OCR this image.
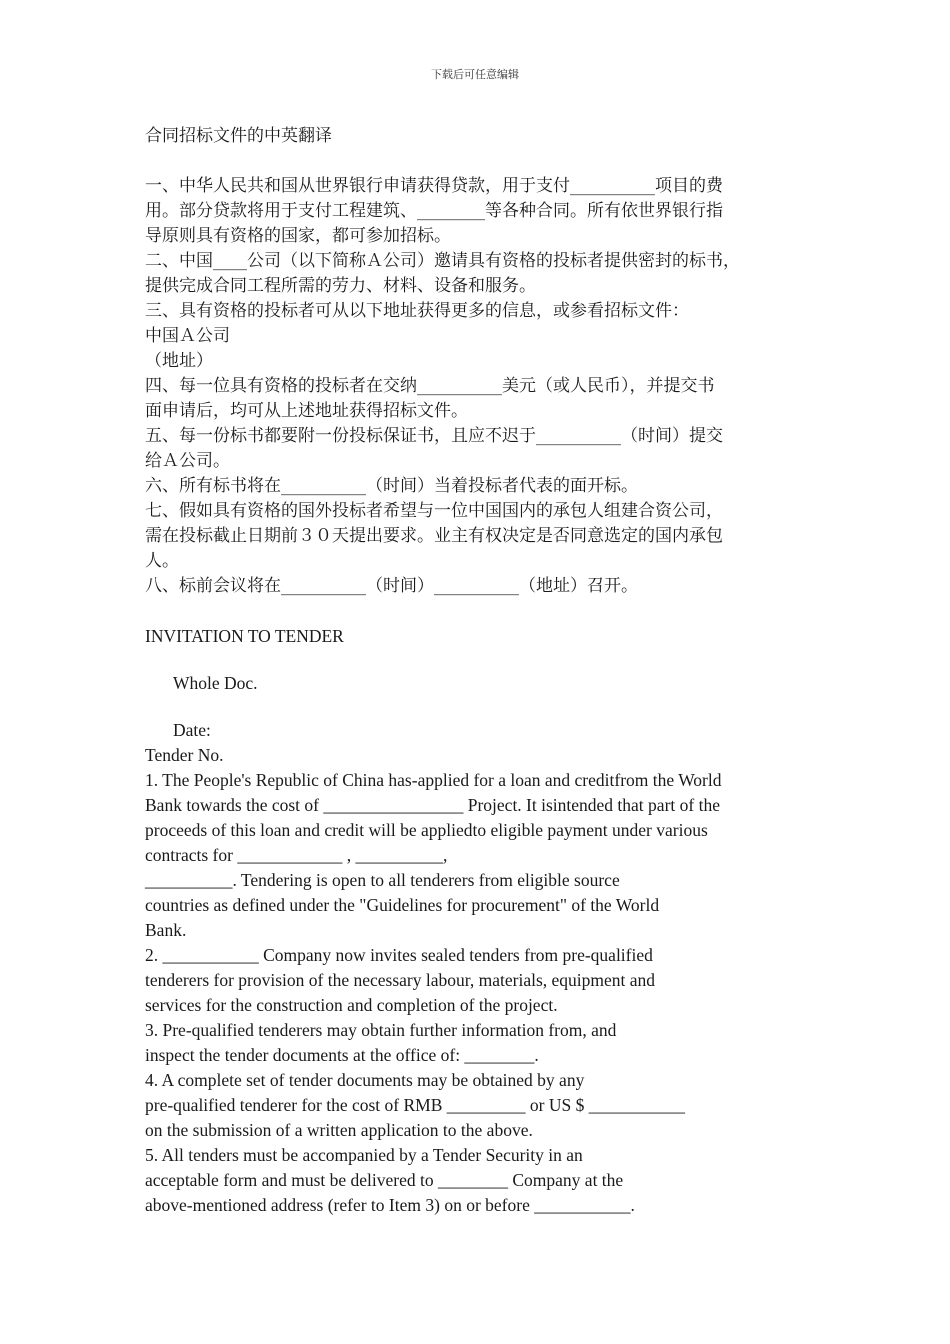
下载后可任意编辑

合同招标文件的中英翻译

一、中华人民共和国从世界银行申请获得贷款，用于支付__________项目的费

用。部分贷款将用于支付工程建筑、________等各种合同。所有依世界银行指

导原则具有资格的国家，都可参加招标。

二、中国____公司（以下简称Ａ公司）邀请具有资格的投标者提供密封的标书，

提供完成合同工程所需的劳力、材料、设备和服务。

三、具有资格的投标者可从以下地址获得更多的信息，或参看招标文件：

中国Ａ公司

（地址）

四、每一位具有资格的投标者在交纳__________美元（或人民币），并提交书

面申请后，均可从上述地址获得招标文件。

五、每一份标书都要附一份投标保证书，且应不迟于__________（时间）提交

给Ａ公司。

六、所有标书将在__________（时间）当着投标者代表的面开标。

七、假如具有资格的国外投标者希望与一位中国国内的承包人组建合资公司，

需在投标截止日期前３０天提出要求。业主有权决定是否同意选定的国内承包

人。

八、标前会议将在__________（时间）__________（地址）召开。

INVITATION TO TENDER

Whole Doc.

Date:

Tender No.

1. The People's Republic of China has-applied for a loan and creditfrom the World

Bank towards the cost of ________________ Project. It isintended that part of the

proceeds of this loan and credit will be appliedto eligible payment under various

contracts for ____________ , __________,

__________. Tendering is open to all tenderers from eligible source

countries as defined under the "Guidelines for procurement" of the World

Bank.

2. ___________ Company now invites sealed tenders from pre-qualified

tenderers for provision of the necessary labour, materials, equipment and

services for the construction and completion of the project.

3. Pre-qualified tenderers may obtain further information from, and

inspect the tender documents at the office of: ________.

4. A complete set of tender documents may be obtained by any

pre-qualified tenderer for the cost of RMB _________ or US $ ___________

on the submission of a written application to the above.

5. All tenders must be accompanied by a Tender Security in an

acceptable form and must be delivered to ________ Company at the

above-mentioned address (refer to Item 3) on or before ___________.
